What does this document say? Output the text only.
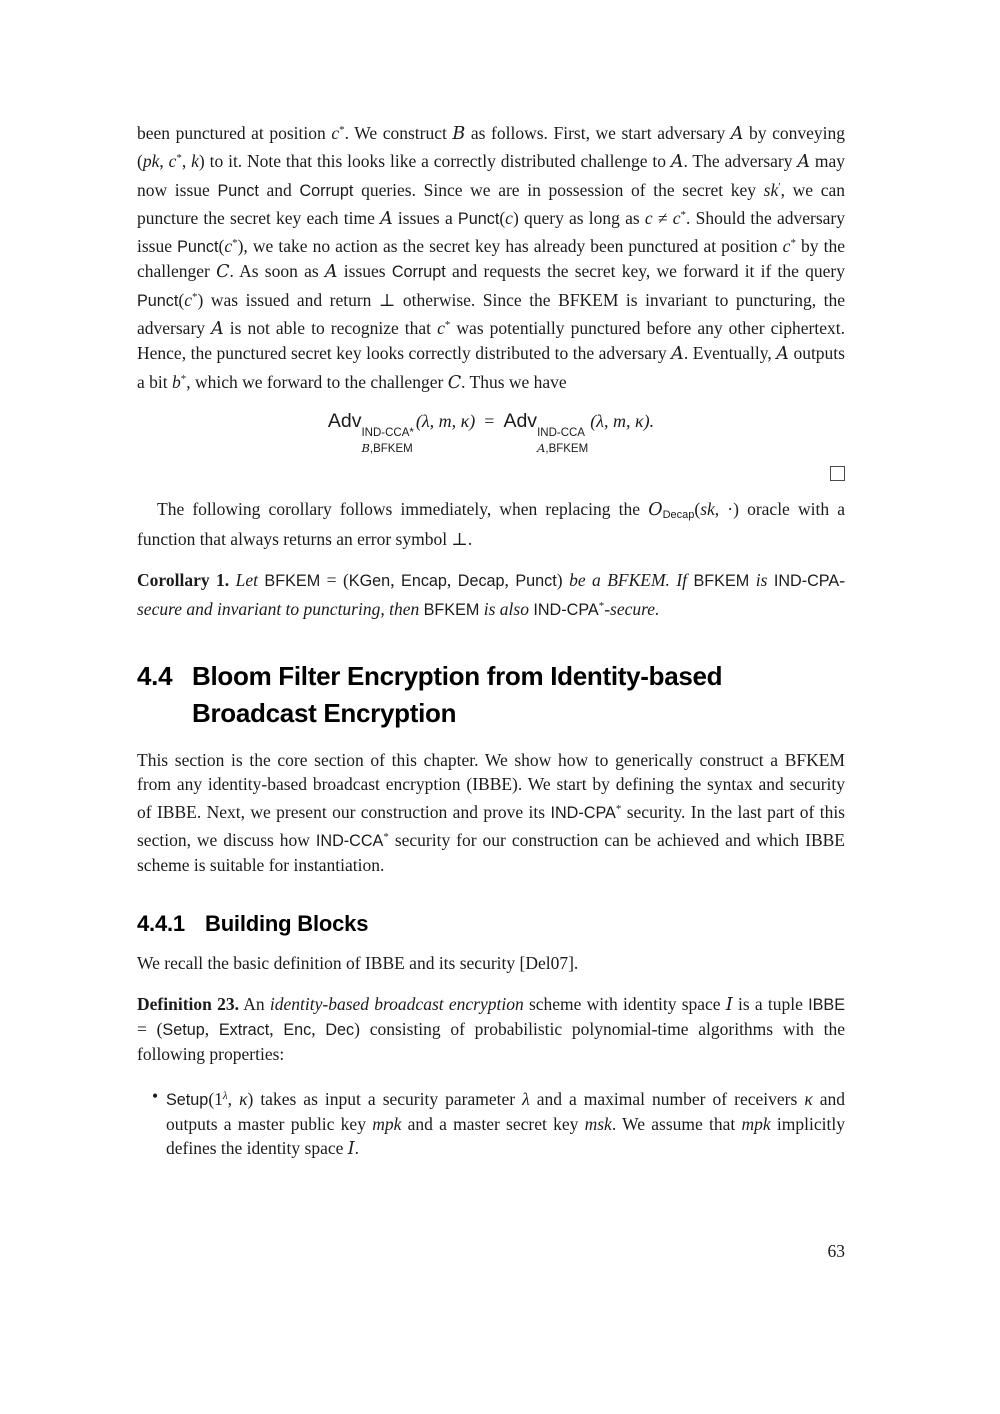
been punctured at position c*. We construct B as follows. First, we start adversary A by conveying (pk, c*, k) to it. Note that this looks like a correctly distributed challenge to A. The adversary A may now issue Punct and Corrupt queries. Since we are in possession of the secret key sk′, we can puncture the secret key each time A issues a Punct(c) query as long as c ≠ c*. Should the adversary issue Punct(c*), we take no action as the secret key has already been punctured at position c* by the challenger C. As soon as A issues Corrupt and requests the secret key, we forward it if the query Punct(c*) was issued and return ⊥ otherwise. Since the BFKEM is invariant to puncturing, the adversary A is not able to recognize that c* was potentially punctured before any other ciphertext. Hence, the punctured secret key looks correctly distributed to the adversary A. Eventually, A outputs a bit b*, which we forward to the challenger C. Thus we have

Adv
IND-CCA*
B,BFKEM
(λ, m, κ) = Adv
IND-CCA
A,BFKEM
(λ, m, κ).

The following corollary follows immediately, when replacing the ODecap(sk, ·) oracle with a function that always returns an error symbol ⊥.

Corollary 1. Let BFKEM = (KGen, Encap, Decap, Punct) be a BFKEM. If BFKEM is IND-CPA-secure and invariant to puncturing, then BFKEM is also IND-CPA*-secure.

4.4 Bloom Filter Encryption from Identity-based
Broadcast Encryption

This section is the core section of this chapter. We show how to generically construct a BFKEM from any identity-based broadcast encryption (IBBE). We start by defining the syntax and security of IBBE. Next, we present our construction and prove its IND-CPA* security. In the last part of this section, we discuss how IND-CCA* security for our construction can be achieved and which IBBE scheme is suitable for instantiation.

4.4.1 Building Blocks

We recall the basic definition of IBBE and its security [Del07].

Definition 23. An identity-based broadcast encryption scheme with identity space I is a tuple IBBE = (Setup, Extract, Enc, Dec) consisting of probabilistic polynomial-time algorithms with the following properties:

• $Setup(1^\lambda$, κ) takes as input a security parameter λ and a maximal number of receivers κ and outputs a master public key mpk and a master secret key msk. We assume that mpk implicitly defines the identity space I.
63
